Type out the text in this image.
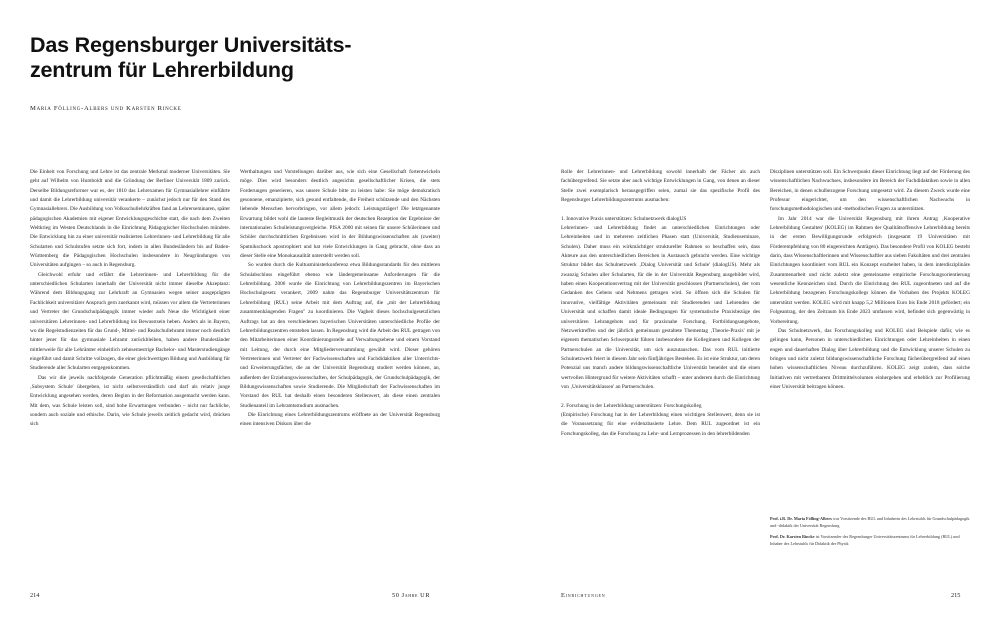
Das Regensburger Universitäts-
zentrum für Lehrerbildung
Maria Fölling-Albers und Karsten Rincke

Die Einheit von Forschung und Lehre ist das zentrale Merkmal moderner Universitäten. Sie geht auf Wilhelm von Humboldt und die Gründung der Berliner Universität 1809 zurück. Derselbe Bildungsreformer war es, der 1810 das Lehrexamen für Gymnasiallehrer einführte und damit die Lehrerbildung universitär verankerte – zunächst jedoch nur für den Stand des Gymnasiallehrers. Die Ausbildung von Volksschullehrkräften fand an Lehrerseminaren, später pädagogischen Akademien mit eigener Entwicklungsgeschichte statt, die nach dem Zweiten Weltkrieg im Westen Deutschlands in die Einrichtung Pädagogischer Hochschulen mündete. Die Entwicklung hin zu einer universitär realisierten Lehrerinnen- und Lehrerbildung für alle Schularten und Schulstufen setzte sich fort, indem in allen Bundesländern bis auf Baden-Württemberg die Pädagogischen Hochschulen insbesondere in Neugründungen von Universitäten aufgingen – so auch in Regensburg.

Gleichwohl erfuhr und erfährt die Lehrerinnen- und Lehrerbildung für die unterschiedlichen Schularten innerhalb der Universität nicht immer dieselbe Akzeptanz: Während dem Bildungsgang zur Lehrkraft an Gymnasien wegen seiner ausgeprägten Fachlichkeit universitärer Anspruch gern zuerkannt wird, müssen vor allem die Vertreterinnen und Vertreter der Grundschulpädagogik immer wieder aufs Neue die Wichtigkeit einer universitären Lehrerinnen- und Lehrerbildung ins Bewusstsein heben. Anders als in Bayern, wo die Regelstudienzeiten für das Grund-, Mittel- und Realschullehramt immer noch deutlich hinter jener für das gymnasiale Lehramt zurückbleiben, haben andere Bundesländer mittlerweile für alle Lehrämter einheitlich zehnsemestrige Bachelor- und Masterstudiengänge eingeführt und damit Schritte vollzogen, die einer gleichwertigen Bildung und Ausbildung für Studierende aller Schularten entgegenkommen.

Das wir die jeweils nachfolgende Generation pflichtmäßig einem gesellschaftlichen ‚Subsystem Schule' übergeben, ist nicht selbstverständlich und darf als relativ junge Entwicklung angesehen werden, deren Beginn in der Reformation ausgemacht werden kann. Mit dem, was Schule leisten soll, sind hohe Erwartungen verbunden – nicht nur fachliche, sondern auch soziale und ethische. Darin, wie Schule jeweils zeitlich gedacht wird, drücken sich

Werthaltungen und Vorstellungen darüber aus, wie sich eine Gesellschaft fortentwickeln möge. Dies wird besonders deutlich angesichts gesellschaftlicher Krisen, die stets Forderungen generieren, was unsere Schule bitte zu leisten habe: Sie möge demokratisch gesonnene, emanzipierte, sich gesund entfaltende, die Freiheit schützende und den Nächsten liebende Menschen hervorbringen, vor allem jedoch: Leistungsträger! Die letztgenannte Erwartung bildet wohl die lauteste Begleitmusik der deutschen Rezeption der Ergebnisse der internationalen Schulleistungsvergleiche. PISA 2000 mit seinen für unsere Schülerinnen und Schüler durchschnittlichen Ergebnissen wird in der Bildungswissenschaften als (zweiter) Sputnikschock apostrophiert und hat viele Entwicklungen in Gang gebracht, ohne dass an dieser Stelle eine Monokausalität unterstellt werden soll.

So wurden durch die Kultusministerkonferenz etwa Bildungsstandards für den mittleren Schulabschluss eingeführt ebenso wie ländergemeinsame Anforderungen für die Lehrerbildung. 2006 wurde die Einrichtung von Lehrerbildungszentren im Bayerischen Hochschulgesetz verankert, 2009 nahm das Regensburger Universitätszentrum für Lehrerbildung (RUL) seine Arbeit mit dem Auftrag auf, die „mit der Lehrerbildung zusammenhängenden Fragen" zu koordinieren. Die Vagheit dieses hochschulgesetzlichen Auftrags hat an den verschiedenen bayerischen Universitäten unterschiedliche Profile der Lehrerbildungszentren entstehen lassen. In Regensburg wird die Arbeit des RUL getragen von den Mitarbeiterinnen einer Koordinierungsstelle auf Verwaltungsebene und einem Vorstand mit Leitung, der durch eine Mitgliederversammlung gewählt wird. Dieser gehören Vertreterinnen und Vertreter der Fachwissenschaften und Fachdidaktiken aller Unterrichts- und Erweiterungsfächer, die an der Universität Regensburg studiert werden können, an, außerdem der Erziehungswissenschaften, der Schulpädagogik, der Grundschulpädagogik, der Bildungswissenschaften sowie Studierende. Die Mitgliedschaft der Fachwissenschaften im Vorstand des RUL hat deshalb einen besonderen Stellenwert, als diese einen zentralen Studienanteil im Lehramtsstudium ausmachen.

Die Einrichtung eines Lehrerbildungszentrums eröffnete an der Universität Regensburg einen intensiven Diskurs über die

Rolle der Lehrerinnen- und Lehrerbildung sowohl innerhalb der Fächer als auch fachübergreifend. Sie setzte aber auch wichtige Entwicklungen in Gang, von denen an dieser Stelle zwei exemplarisch herausgegriffen seien, zumal sie das spezifische Profil des Regensburger Lehrerbildungszentrums ausmachen:

1. Innovative Praxis unterstützen: Schulnetzwerk dialogUS

Lehrerinnen- und Lehrerbildung findet an unterschiedlichen Einrichtungen oder Lehreinheiten und in mehreren zeitlichen Phasen statt (Universität, Studienseminare, Schulen). Daher muss ein wirkmächtiger struktureller Rahmen so beschaffen sein, dass Akteure aus den unterschiedlichen Bereichen in Austausch gebracht werden. Eine wichtige Struktur bildet das Schulnetzwerk ‚Dialog Universität und Schule' (dialogUS). Mehr als zwanzig Schulen aller Schularten, für die in der Universität Regensburg ausgebildet wird, haben einen Kooperationsvertrag mit der Universität geschlossen (Partnerschulen), der vom Gedanken des Gebens und Nehmens getragen wird. So öffnen sich die Schulen für innovative, vielfältige Aktivitäten gemeinsam mit Studierenden und Lehrenden der Universität und schaffen damit ideale Bedingungen für systematische Praxisbezüge des universitären Lehrangebots und für praxisnahe Forschung. Fortbildungsangebote, Netzwerktreffen und der jährlich gemeinsam gestaltete Thementag ‚Theorie-Praxis' mit je eigenem thematischen Schwerpunkt führen insbesondere die Kolleginnen und Kollegen der Partnerschulen an die Universität, um sich auszutauschen. Das vom RUL initiierte Schulnetzwerk feiert in diesem Jahr sein fünfjähriges Bestehen. Es ist eine Struktur, um deren Potenzial uns manch andere bildungswissenschaftliche Universität beneidet und die einen wertvollen Hintergrund für weitere Aktivitäten schafft – unter anderem durch die Einrichtung von ‚Universitätsklassen' an Partnerschulen.

2. Forschung in der Lehrerbildung unterstützen: Forschungskolleg

(Empirische) Forschung hat in der Lehrerbildung einen wichtigen Stellenwert, denn sie ist die Voraussetzung für eine evidenzbasierte Lehre. Dem RUL zugeordnet ist ein Forschungskolleg, das die Forschung zu Lehr- und Lernprozessen in den lehrerbildenden

Disziplinen unterstützen soll. Ein Schwerpunkt dieser Einrichtung liegt auf der Förderung des wissenschaftlichen Nachwuchses, insbesondere im Bereich der Fachdidaktiken sowie in allen Bereichen, in denen schulbezogene Forschung umgesetzt wird. Zu diesem Zweck wurde eine Professur eingerichtet, um den wissenschaftlichen Nachwuchs in forschungsmethodologischen und -methodischen Fragen zu unterstützen.

Im Jahr 2014 war die Universität Regensburg mit ihrem Antrag ‚Kooperative Lehrerbildung Gestalten' (KOLEG) im Rahmen der Qualitätsoffensive Lehrerbildung bereits in der ersten Bewilligungsrunde erfolgreich (insgesamt 19 Universitäten mit Förderempfehlung von 80 eingereichten Anträgen). Das besondere Profil von KOLEG besteht darin, dass Wissenschaftlerinnen und Wissenschaftler aus sieben Fakultäten und drei zentralen Einrichtungen koordiniert vom RUL ein Konzept erarbeitet haben, in dem interdisziplinäre Zusammenarbeit und nicht zuletzt eine gemeinsame empirische Forschungsorientierung wesentliche Kennzeichen sind. Durch die Einrichtung des RUL zugeordneten und auf die Lehrerbildung bezogenen Forschungskollegs können die Vorhaben des Projekts KOLEG unterstützt werden. KOLEG wird mit knapp 5,2 Millionen Euro bis Ende 2018 gefördert; ein Folgeantrag, der den Zeitraum bis Ende 2023 umfassen wird, befindet sich gegenwärtig in Vorbereitung.

Das Schulnetzwerk, das Forschungskolleg und KOLEG sind Beispiele dafür, wie es gelingen kann, Personen in unterschiedlichen Einrichtungen oder Lehreinheiten in einen engen und dauerhaften Dialog über Lehrerbildung und die Entwicklung unserer Schulen zu bringen und nicht zuletzt bildungswissenschaftliche Forschung fächerübergreifend auf einen hohen wissenschaftlichen Niveau durchzuführen. KOLEG zeigt zudem, dass solche Initiativen mit vertretbarem Drittmittelvolumen einhergehen und erheblich zur Profilierung einer Universität beitragen können.

Prof. i.R. Dr. Maria Fölling-Albers war Vorsitzende des RUL und Inhaberin des Lehrstuhls für Grundschulpädagogik und -didaktik der Universität Regensburg

Prof. Dr. Karsten Rincke ist Vorsitzender des Regensburger Universitätszentrums für Lehrerbildung (RUL) und Inhaber des Lehrstuhls für Didaktik der Physik

214	50 Jahre UR	Einrichtungen	215
